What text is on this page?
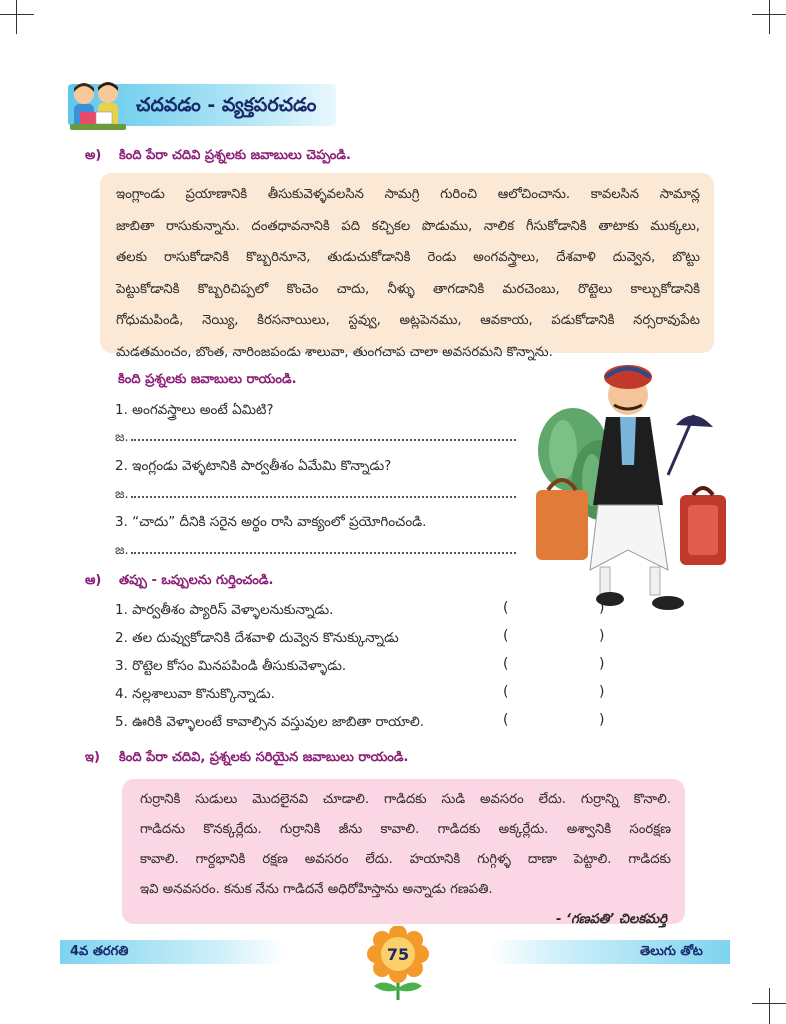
చదవడం - వ్యక్తపరచడం
అ) కింది పేరా చదివి ప్రశ్నలకు జవాబులు చెప్పండి.

ఇంగ్లాండు ప్రయాణానికి తీసుకువెళ్ళవలసిన సామగ్రి గురించి ఆలోచించాను. కావలసిన సామాన్ల

జాబితా రాసుకున్నాను. దంతధావనానికి పది కచ్చికల పొడుము, నాలిక గీసుకోడానికి తాటాకు ముక్కలు,

తలకు రాసుకోడానికి కొబ్బరినూనె, తుడుచుకోడానికి రెండు అంగవస్త్రాలు, దేశవాళి దువ్వెన, బొట్టు

పెట్టుకోడానికి కొబ్బరిచిప్పలో కొంచెం చాదు, నీళ్ళు తాగడానికి మరచెంబు, రొట్టెలు కాల్చుకోడానికి

గోధుమపిండి, నెయ్యి, కిరసనాయిలు, స్టవ్వు, అట్లపెనము, ఆవకాయ, పడుకోడానికి నర్సరావుపేట

మడతమంచం, బొంత, నారింజపండు శాలువా, తుంగచాప చాలా అవసరమని కొన్నాను.

కింది ప్రశ్నలకు జవాబులు రాయండి.
1. అంగవస్త్రాలు అంటే ఏమిటి?
జ.
2. ఇంగ్లండు వెళ్ళటానికి పార్వతీశం ఏమేమి కొన్నాడు?
జ.
3. “చాదు” దీనికి సరైన అర్థం రాసి వాక్యంలో ప్రయోగించండి.
జ.
ఆ) తప్పు - ఒప్పులను గుర్తించండి.
1. పార్వతీశం ప్యారిస్ వెళ్ళాలనుకున్నాడు.	(	)
2. తల దువ్వుకోడానికి దేశవాళి దువ్వెన కొనుక్కున్నాడు	(	)
3. రొట్టెల కోసం మినపపిండి తీసుకువెళ్ళాడు.	(	)
4. నల్లశాలువా కొనుక్కొన్నాడు.	(	)
5. ఊరికి వెళ్ళాలంటే కావాల్సిన వస్తువుల జాబితా రాయాలి.	(	)
ఇ) కింది పేరా చదివి, ప్రశ్నలకు సరియైన జవాబులు రాయండి.

గుర్రానికి సుడులు మొదలైనవి చూడాలి. గాడిదకు సుడి అవసరం లేదు. గుర్రాన్ని కొనాలి.

గాడిదను కొనక్కర్లేదు. గుర్రానికి జీను కావాలి. గాడిదకు అక్కర్లేదు. అశ్వానికి సంరక్షణ

కావాలి. గార్దభానికి రక్షణ అవసరం లేదు. హయానికి గుగ్గిళ్ళ దాణా పెట్టాలి. గాడిదకు

ఇవి అనవసరం. కనుక నేను గాడిదనే అధిరోహిస్తాను అన్నాడు గణపతి.

- ‘గణపతి’ చిలకమర్తి

4వ తరగతి	తెలుగు తోట
75
